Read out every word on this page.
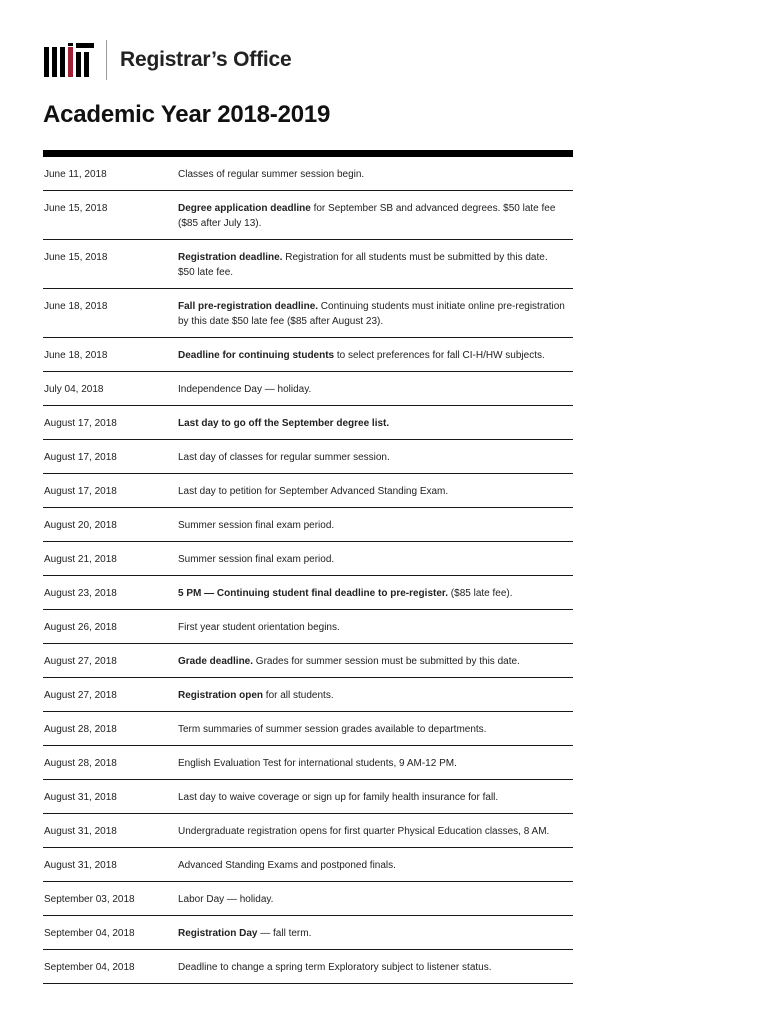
Registrar’s Office
Academic Year 2018-2019
June 11, 2018	Classes of regular summer session begin.
June 15, 2018	Degree application deadline for September SB and advanced degrees. $50 late fee ($85 after July 13).
June 15, 2018	Registration deadline. Registration for all students must be submitted by this date. $50 late fee.
June 18, 2018	Fall pre-registration deadline. Continuing students must initiate online pre-registration by this date $50 late fee ($85 after August 23).
June 18, 2018	Deadline for continuing students to select preferences for fall CI-H/HW subjects.
July 04, 2018	Independence Day — holiday.
August 17, 2018	Last day to go off the September degree list.
August 17, 2018	Last day of classes for regular summer session.
August 17, 2018	Last day to petition for September Advanced Standing Exam.
August 20, 2018	Summer session final exam period.
August 21, 2018	Summer session final exam period.
August 23, 2018	5 PM — Continuing student final deadline to pre-register. ($85 late fee).
August 26, 2018	First year student orientation begins.
August 27, 2018	Grade deadline. Grades for summer session must be submitted by this date.
August 27, 2018	Registration open for all students.
August 28, 2018	Term summaries of summer session grades available to departments.
August 28, 2018	English Evaluation Test for international students, 9 AM-12 PM.
August 31, 2018	Last day to waive coverage or sign up for family health insurance for fall.
August 31, 2018	Undergraduate registration opens for first quarter Physical Education classes, 8 AM.
August 31, 2018	Advanced Standing Exams and postponed finals.
September 03, 2018	Labor Day — holiday.
September 04, 2018	Registration Day — fall term.
September 04, 2018	Deadline to change a spring term Exploratory subject to listener status.
